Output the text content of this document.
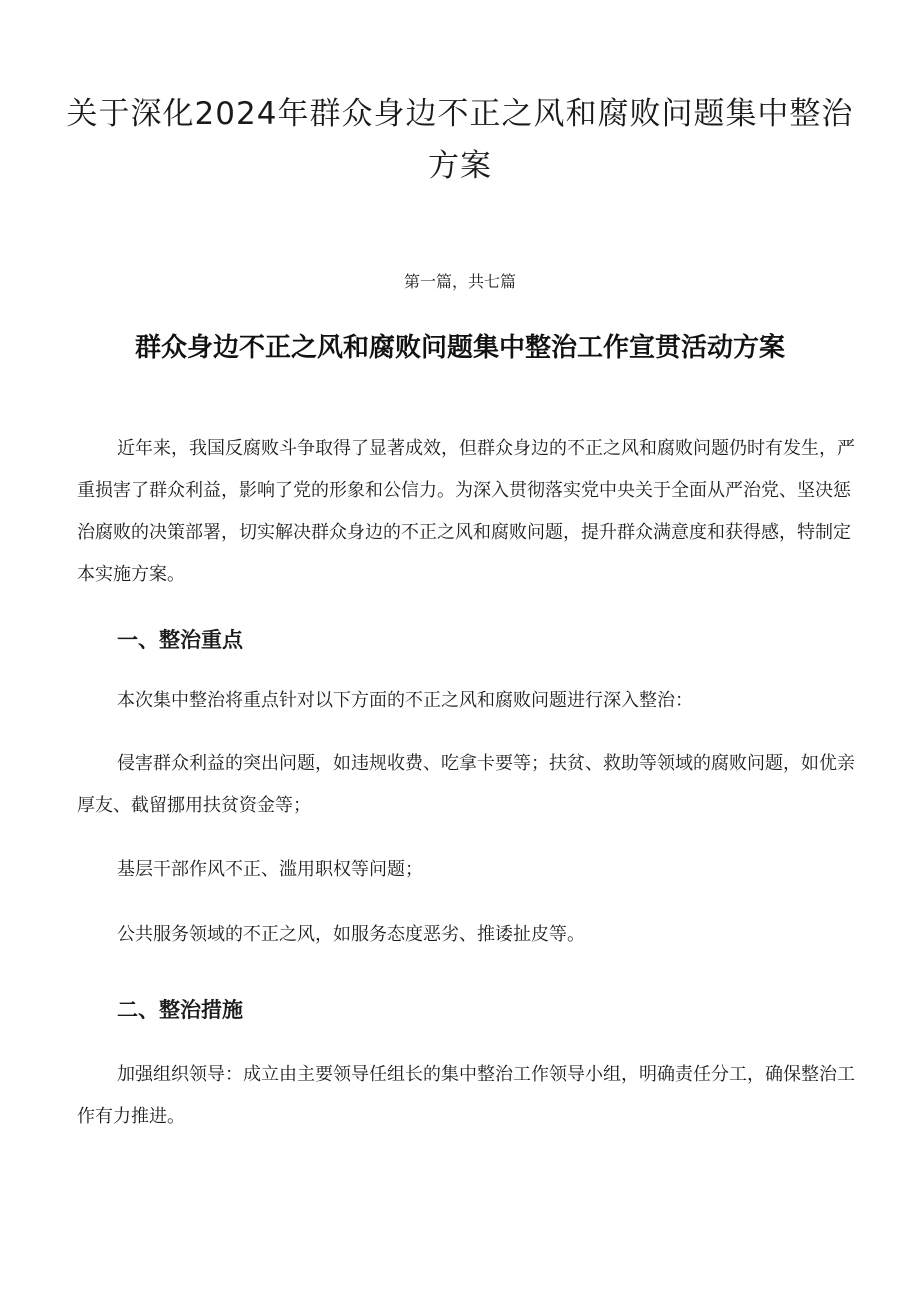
关于深化2024年群众身边不正之风和腐败问题集中整治方案
第一篇，共七篇
群众身边不正之风和腐败问题集中整治工作宣贯活动方案

近年来，我国反腐败斗争取得了显著成效，但群众身边的不正之风和腐败问题仍时有发生，严重损害了群众利益，影响了党的形象和公信力。为深入贯彻落实党中央关于全面从严治党、坚决惩治腐败的决策部署，切实解决群众身边的不正之风和腐败问题，提升群众满意度和获得感，特制定本实施方案。

一、整治重点

本次集中整治将重点针对以下方面的不正之风和腐败问题进行深入整治：

侵害群众利益的突出问题，如违规收费、吃拿卡要等；扶贫、救助等领域的腐败问题，如优亲厚友、截留挪用扶贫资金等；

基层干部作风不正、滥用职权等问题；

公共服务领域的不正之风，如服务态度恶劣、推诿扯皮等。

二、整治措施

加强组织领导：成立由主要领导任组长的集中整治工作领导小组，明确责任分工，确保整治工作有力推进。
